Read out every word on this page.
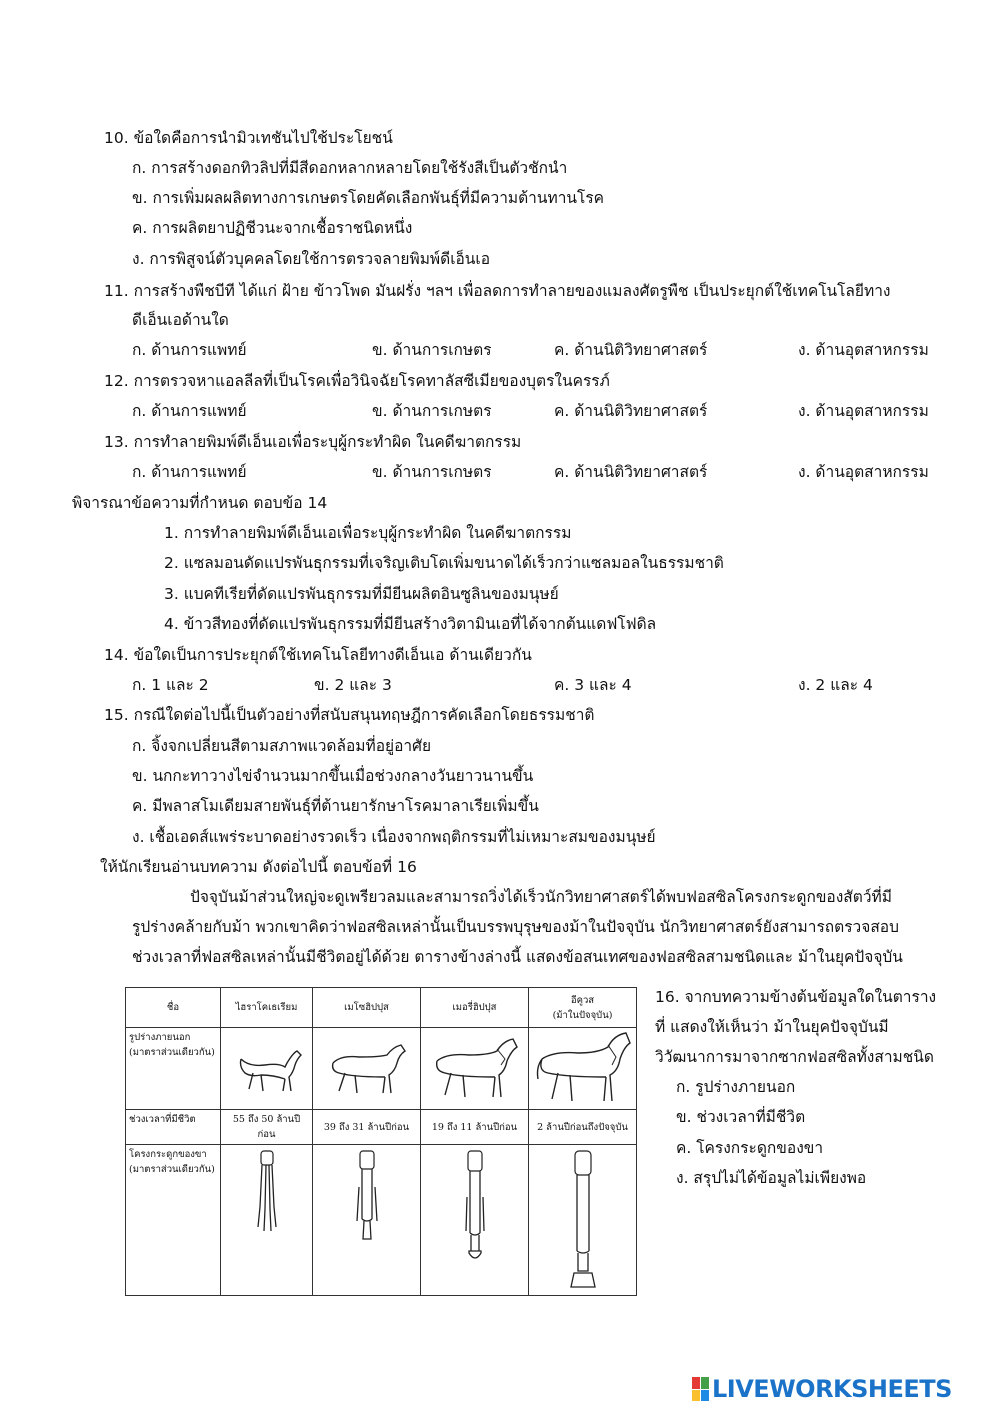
10. ข้อใดคือการนำมิวเทชันไปใช้ประโยชน์
ก. การสร้างดอกทิวลิปที่มีสีดอกหลากหลายโดยใช้รังสีเป็นตัวชักนำ
ข. การเพิ่มผลผลิตทางการเกษตรโดยคัดเลือกพันธุ์ที่มีความต้านทานโรค
ค. การผลิตยาปฏิชีวนะจากเชื้อราชนิดหนึ่ง
ง. การพิสูจน์ตัวบุคคลโดยใช้การตรวจลายพิมพ์ดีเอ็นเอ
11. การสร้างพืชบีที ได้แก่ ฝ้าย ข้าวโพด มันฝรั่ง ฯลฯ เพื่อลดการทำลายของแมลงศัตรูพืช เป็นประยุกต์ใช้เทคโนโลยีทาง
ดีเอ็นเอด้านใด
ก. ด้านการแพทย์	ข. ด้านการเกษตร	ค. ด้านนิติวิทยาศาสตร์	ง. ด้านอุตสาหกรรม
12. การตรวจหาแอลลีลที่เป็นโรคเพื่อวินิจฉัยโรคทาลัสซีเมียของบุตรในครรภ์
ก. ด้านการแพทย์	ข. ด้านการเกษตร	ค. ด้านนิติวิทยาศาสตร์	ง. ด้านอุตสาหกรรม
13. การทำลายพิมพ์ดีเอ็นเอเพื่อระบุผู้กระทำผิด ในคดีฆาตกรรม
ก. ด้านการแพทย์	ข. ด้านการเกษตร	ค. ด้านนิติวิทยาศาสตร์	ง. ด้านอุตสาหกรรม
พิจารณาข้อความที่กำหนด ตอบข้อ 14
1. การทำลายพิมพ์ดีเอ็นเอเพื่อระบุผู้กระทำผิด ในคดีฆาตกรรม
2. แซลมอนดัดแปรพันธุกรรมที่เจริญเติบโตเพิ่มขนาดได้เร็วกว่าแซลมอลในธรรมชาติ
3. แบคทีเรียที่ดัดแปรพันธุกรรมที่มียีนผลิตอินซูลินของมนุษย์
4. ข้าวสีทองที่ดัดแปรพันธุกรรมที่มียีนสร้างวิตามินเอที่ได้จากต้นแดฟโฟดิล
14. ข้อใดเป็นการประยุกต์ใช้เทคโนโลยีทางดีเอ็นเอ ด้านเดียวกัน
ก. 1 และ 2	ข. 2 และ 3	ค. 3 และ 4	ง. 2 และ 4
15. กรณีใดต่อไปนี้เป็นตัวอย่างที่สนับสนุนทฤษฎีการคัดเลือกโดยธรรมชาติ
ก. จิ้งจกเปลี่ยนสีตามสภาพแวดล้อมที่อยู่อาศัย
ข. นกกะทาวางไข่จำนวนมากขึ้นเมื่อช่วงกลางวันยาวนานขึ้น
ค. มีพลาสโมเดียมสายพันธุ์ที่ต้านยารักษาโรคมาลาเรียเพิ่มขึ้น
ง. เชื้อเอดส์แพร่ระบาดอย่างรวดเร็ว เนื่องจากพฤติกรรมที่ไม่เหมาะสมของมนุษย์
ให้นักเรียนอ่านบทความ ดังต่อไปนี้ ตอบข้อที่ 16
ปัจจุบันม้าส่วนใหญ่จะดูเพรียวลมและสามารถวิ่งได้เร็วนักวิทยาศาสตร์ได้พบฟอสซิลโครงกระดูกของสัตว์ที่มี
รูปร่างคล้ายกับม้า พวกเขาคิดว่าฟอสซิลเหล่านั้นเป็นบรรพบุรุษของม้าในปัจจุบัน นักวิทยาศาสตร์ยังสามารถตรวจสอบ
ช่วงเวลาที่ฟอสซิลเหล่านั้นมีชีวิตอยู่ได้ด้วย ตารางข้างล่างนี้ แสดงข้อสนเทศของฟอสซิลสามชนิดและ ม้าในยุคปัจจุบัน
ชื่อ	ไฮราโคเธเรียม	เมโซฮิปปุส	เมอรี่ฮิปปุส	อีคูวส
(ม้าในปัจจุบัน)

รูปร่างภายนอก
(มาตราส่วนเดียวกัน)

ช่วงเวลาที่มีชีวิต	55 ถึง 50 ล้านปีก่อน	39 ถึง 31 ล้านปีก่อน	19 ถึง 11 ล้านปีก่อน	2 ล้านปีก่อนถึงปัจจุบัน

โครงกระดูกของขา
(มาตราส่วนเดียวกัน)

16. จากบทความข้างต้นข้อมูลใดในตาราง
ที่ แสดงให้เห็นว่า ม้าในยุคปัจจุบันมี
วิวัฒนาการมาจากซากฟอสซิลทั้งสามชนิด
ก. รูปร่างภายนอก
ข. ช่วงเวลาที่มีชีวิต
ค. โครงกระดูกของขา
ง. สรุปไม่ได้ข้อมูลไม่เพียงพอ
LIVEWORKSHEETS
